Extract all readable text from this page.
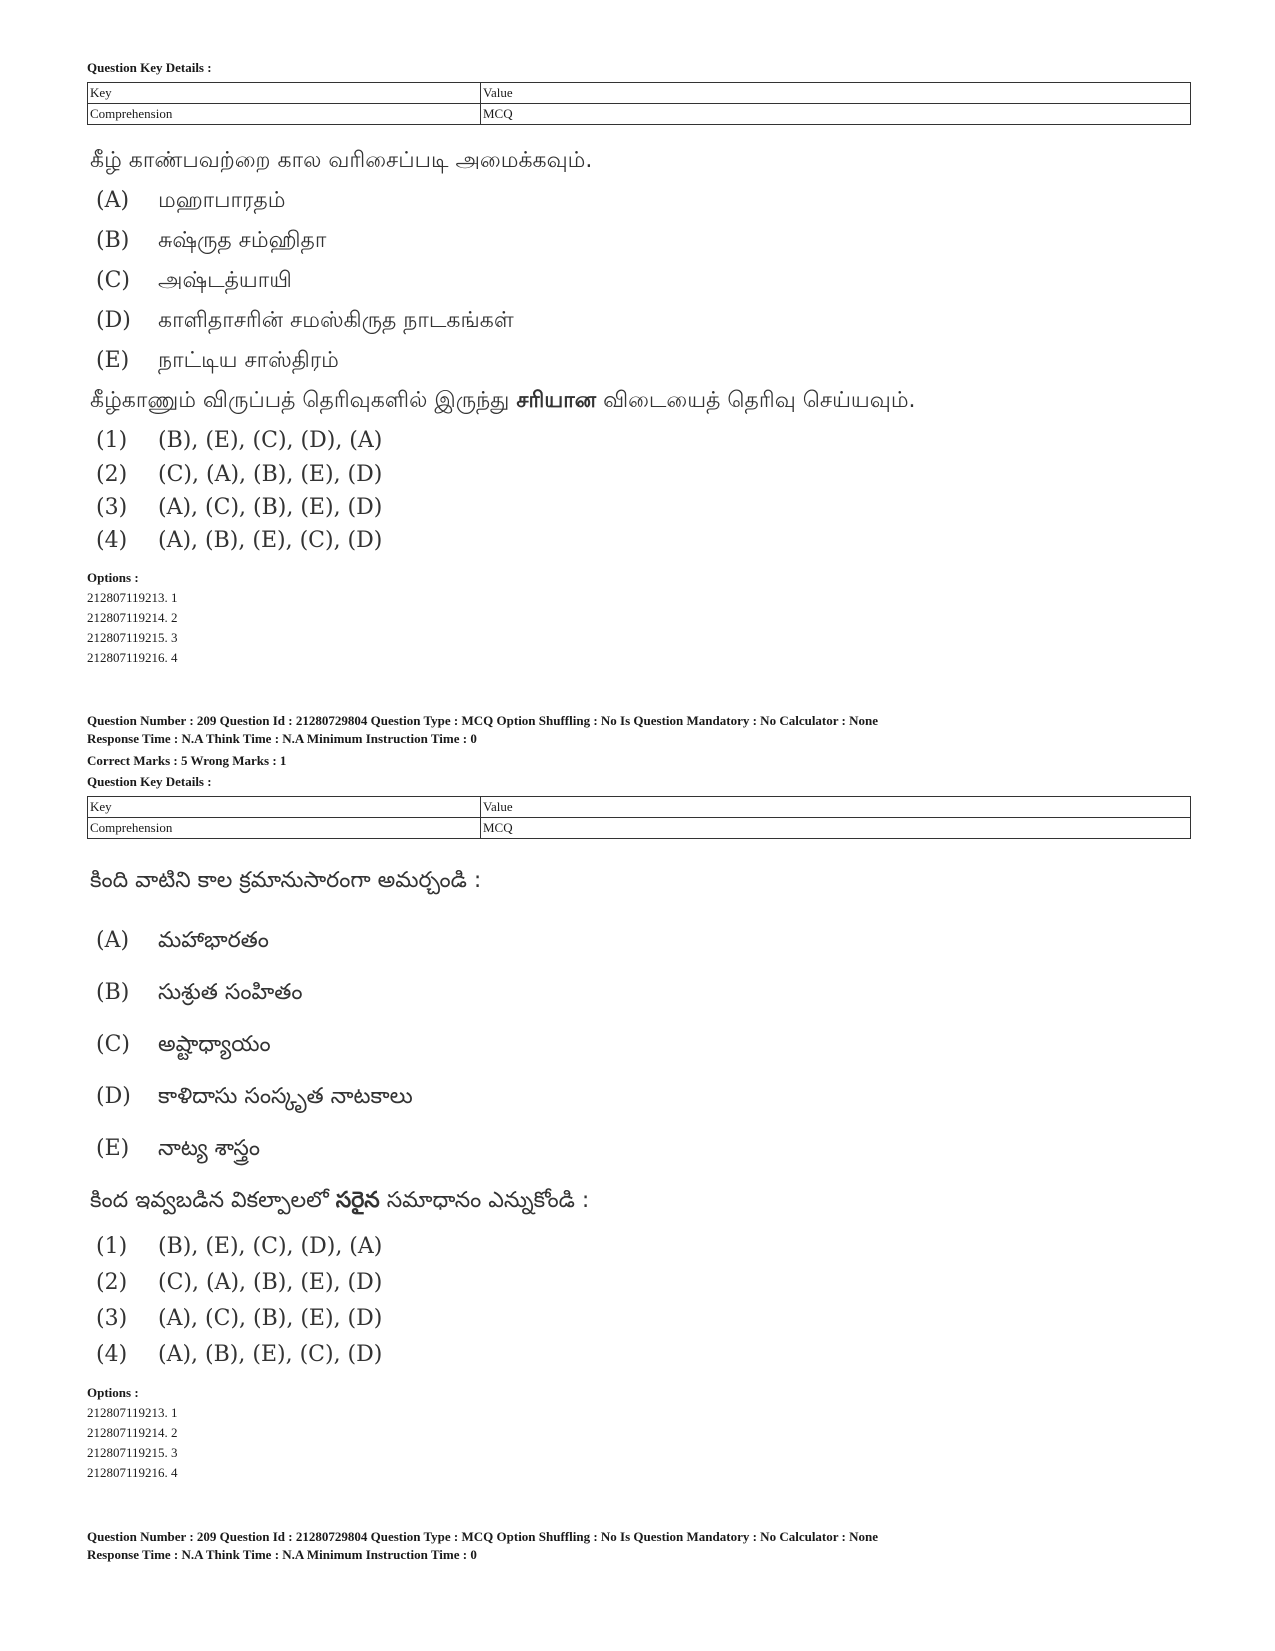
Question Key Details :
Key	Value
Comprehension	MCQ
கீழ் காண்பவற்றை கால வரிசைப்படி அமைக்கவும்.
(A) மஹாபாரதம்
(B) சுஷ்ருத சம்ஹிதா
(C) அஷ்டத்யாயி
(D) காளிதாசரின் சமஸ்கிருத நாடகங்கள்
(E) நாட்டிய சாஸ்திரம்
கீழ்காணும் விருப்பத் தெரிவுகளில் இருந்து சரியான விடையைத் தெரிவு செய்யவும்.
(1) (B), (E), (C), (D), (A)
(2) (C), (A), (B), (E), (D)
(3) (A), (C), (B), (E), (D)
(4) (A), (B), (E), (C), (D)
Options :
212807119213. 1
212807119214. 2
212807119215. 3
212807119216. 4
Question Number : 209 Question Id : 21280729804 Question Type : MCQ Option Shuffling : No Is Question Mandatory : No Calculator : None
Response Time : N.A Think Time : N.A Minimum Instruction Time : 0
Correct Marks : 5 Wrong Marks : 1
Question Key Details :
Key	Value
Comprehension	MCQ
కింది వాటిని కాల క్రమానుసారంగా అమర్చండి :
(A) మహాభారతం
(B) సుశ్రుత సంహితం
(C) అష్టాధ్యాయం
(D) కాళిదాసు సంస్కృత నాటకాలు
(E) నాట్య శాస్త్రం
కింద ఇవ్వబడిన వికల్పాలలో సరైన సమాధానం ఎన్నుకోండి :
(1) (B), (E), (C), (D), (A)
(2) (C), (A), (B), (E), (D)
(3) (A), (C), (B), (E), (D)
(4) (A), (B), (E), (C), (D)
Options :
212807119213. 1
212807119214. 2
212807119215. 3
212807119216. 4
Question Number : 209 Question Id : 21280729804 Question Type : MCQ Option Shuffling : No Is Question Mandatory : No Calculator : None
Response Time : N.A Think Time : N.A Minimum Instruction Time : 0
